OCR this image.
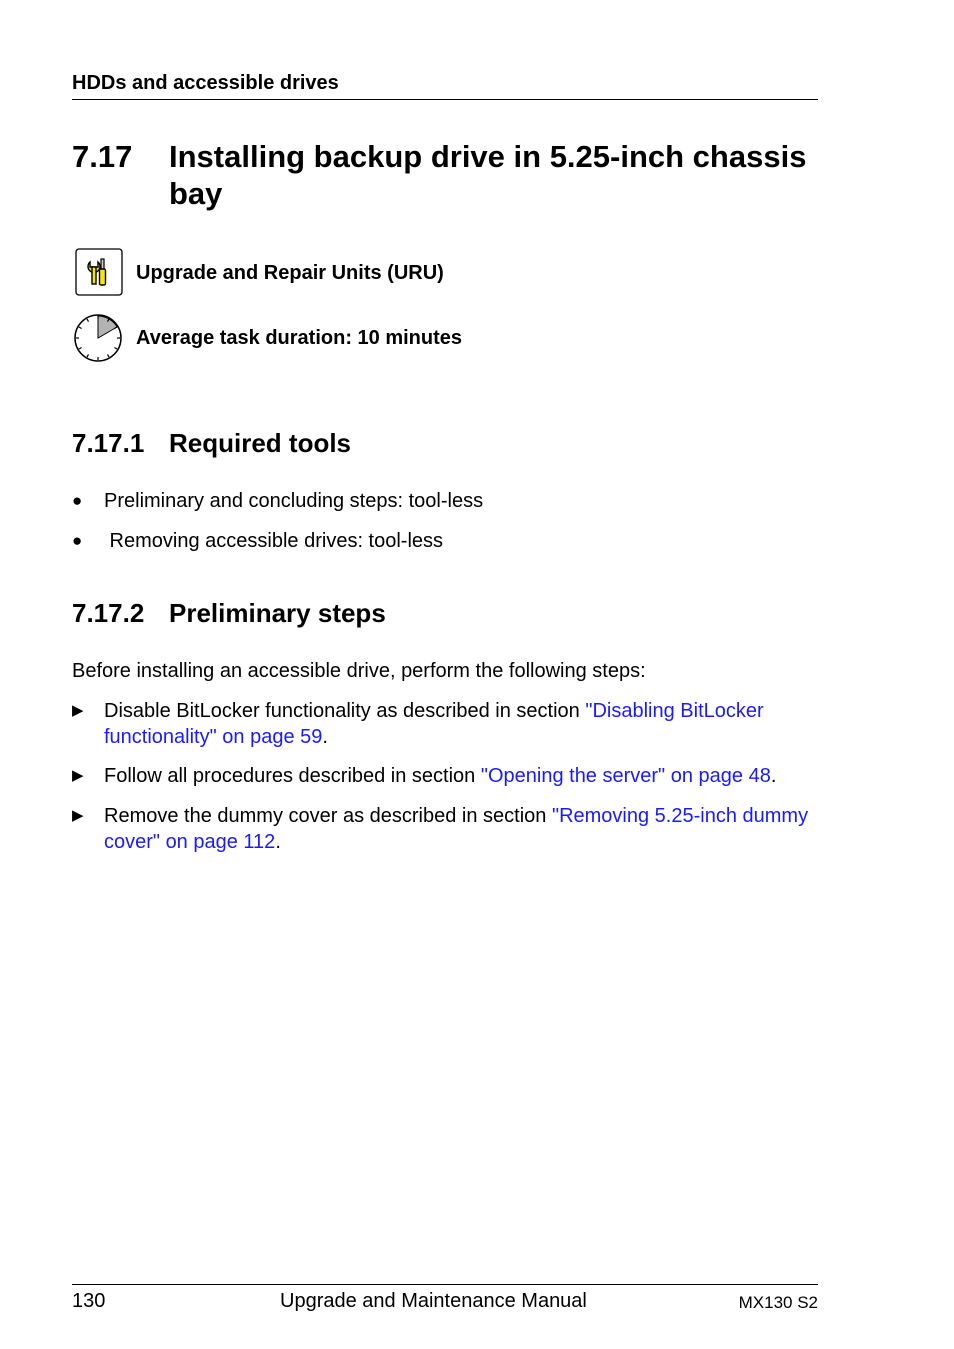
HDDs and accessible drives
7.17	Installing backup drive in 5.25-inch chassis bay
Upgrade and Repair Units (URU)
Average task duration: 10 minutes
7.17.1 Required tools
●	Preliminary and concluding steps: tool-less
●	Removing accessible drives: tool-less
7.17.2 Preliminary steps
Before installing an accessible drive, perform the following steps:
▶	Disable BitLocker functionality as described in section "Disabling BitLocker functionality" on page 59.
▶	Follow all procedures described in section "Opening the server" on page 48.
▶	Remove the dummy cover as described in section "Removing 5.25-inch dummy cover" on page 112.
130	Upgrade and Maintenance Manual	MX130 S2
